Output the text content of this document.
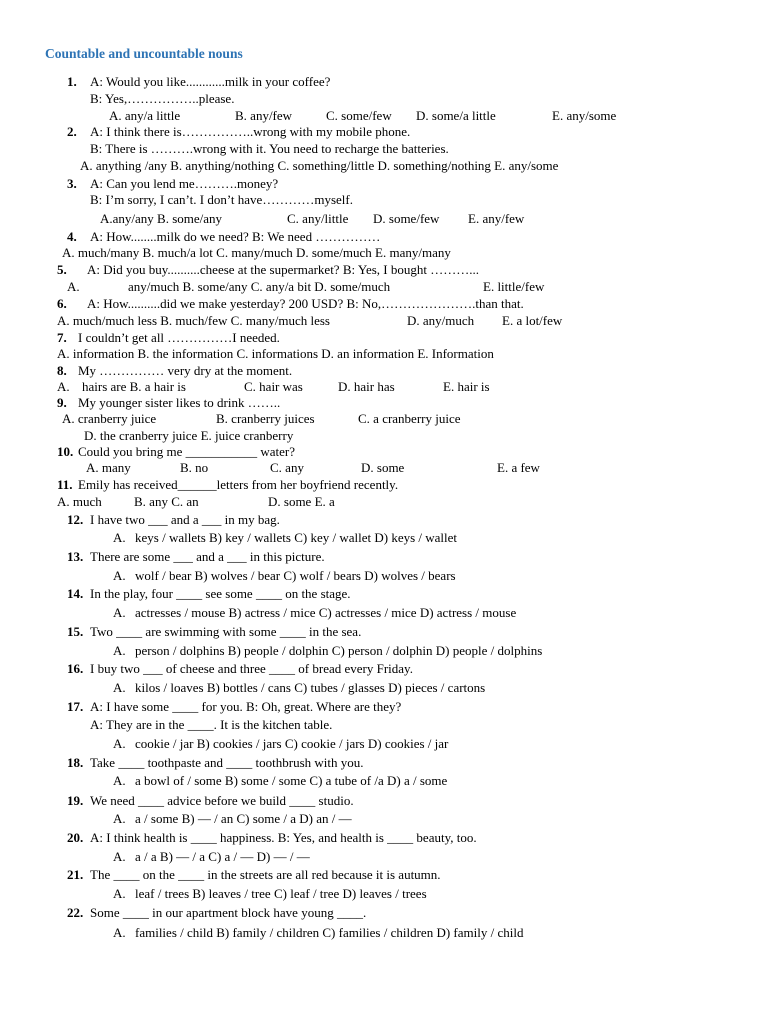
Countable and uncountable nouns
1. A: Would you like............milk in your coffee?
B: Yes,……………..please.
A. any/a little	B. any/few	C. some/few D. some/a little	E. any/some
2. A: I think there is……………..wrong with my mobile phone.
B: There is ……….wrong with it. You need to recharge the batteries.
A. anything /any B. anything/nothing C. something/little D. something/nothing E. any/some
3. A: Can you lend me……….money?
B: I’m sorry, I can’t. I don’t have…………myself.
A.any/any B. some/any	C. any/little D. some/few E. any/few
4. A: How........milk do we need? B: We need ……………
A. much/many B. much/a lot C. many/much D. some/much E. many/many
5. A: Did you buy..........cheese at the supermarket? B: Yes, I bought ………...
A.	any/much B. some/any C. any/a bit D. some/much	E. little/few
6. A: How..........did we make yesterday? 200 USD? B: No,………………….than that.
A. much/much less B. much/few C. many/much less	D. any/much E. a lot/few
7. I couldn’t get all ……………I needed.
A. information B. the information C. informations D. an information E. Information
8. My …………… very dry at the moment.
A. hairs are B. a hair is	C. hair was	D. hair has	E. hair is
9. My younger sister likes to drink ……..
A. cranberry juice	B. cranberry juices	C. a cranberry juice
D. the cranberry juice E. juice cranberry
10. Could you bring me ___________ water?
A. many	B. no	C. any	D. some	E. a few
11. Emily has received______letters from her boyfriend recently.
A. much B. any C. an	D. some E. a
12. I have two ___ and a ___ in my bag.
A. keys / wallets B) key / wallets C) key / wallet D) keys / wallet
13. There are some ___ and a ___ in this picture.
A. wolf / bear B) wolves / bear C) wolf / bears D) wolves / bears
14. In the play, four ____ see some ____ on the stage.
A. actresses / mouse B) actress / mice C) actresses / mice D) actress / mouse
15. Two ____ are swimming with some ____ in the sea.
A. person / dolphins B) people / dolphin C) person / dolphin D) people / dolphins
16. I buy two ___ of cheese and three ____ of bread every Friday.
A. kilos / loaves B) bottles / cans C) tubes / glasses D) pieces / cartons
17. A: I have some ____ for you. B: Oh, great. Where are they?
A: They are in the ____. It is the kitchen table.
A. cookie / jar B) cookies / jars C) cookie / jars D) cookies / jar
18. Take ____ toothpaste and ____ toothbrush with you.
A. a bowl of / some B) some / some C) a tube of /a D) a / some
19. We need ____ advice before we build ____ studio.
A. a / some B) — / an C) some / a D) an / —
20. A: I think health is ____ happiness. B: Yes, and health is ____ beauty, too.
A. a / a B) — / a C) a / — D) — / —
21. The ____ on the ____ in the streets are all red because it is autumn.
A. leaf / trees B) leaves / tree C) leaf / tree D) leaves / trees
22. Some ____ in our apartment block have young ____.
A. families / child B) family / children C) families / children D) family / child
